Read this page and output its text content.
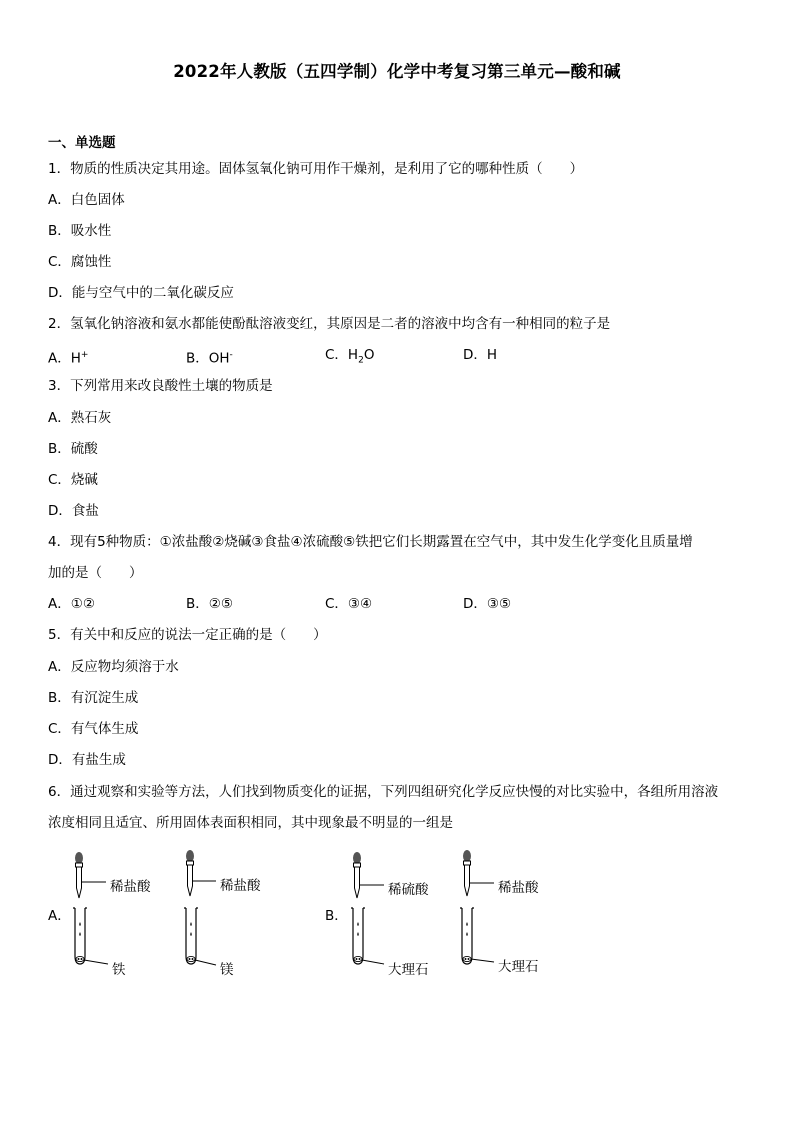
2022年人教版（五四学制）化学中考复习第三单元—酸和碱
一、单选题
1．物质的性质决定其用途。固体氢氧化钠可用作干燥剂，是利用了它的哪种性质（　　）
A．白色固体
B．吸水性
C．腐蚀性
D．能与空气中的二氧化碳反应
2．氢氧化钠溶液和氨水都能使酚酞溶液变红，其原因是二者的溶液中均含有一种相同的粒子是
A．H+	B．OH-	C．$H_2O$	D．H
3．下列常用来改良酸性土壤的物质是
A．熟石灰
B．硫酸
C．烧碱
D．食盐
4．现有5种物质：①浓盐酸②烧碱③食盐④浓硫酸⑤铁把它们长期露置在空气中，其中发生化学变化且质量增
加的是（　　）
A．①②	B．②⑤	C．③④	D．③⑤
5．有关中和反应的说法一定正确的是（　　）
A．反应物均须溶于水
B．有沉淀生成
C．有气体生成
D．有盐生成
6．通过观察和实验等方法，人们找到物质变化的证据，下列四组研究化学反应快慢的对比实验中，各组所用溶液
浓度相同且适宜、所用固体表面积相同，其中现象最不明显的一组是
A．	B．
稀盐酸
铁
稀盐酸
镁
稀硫酸
大理石
稀盐酸
大理石
